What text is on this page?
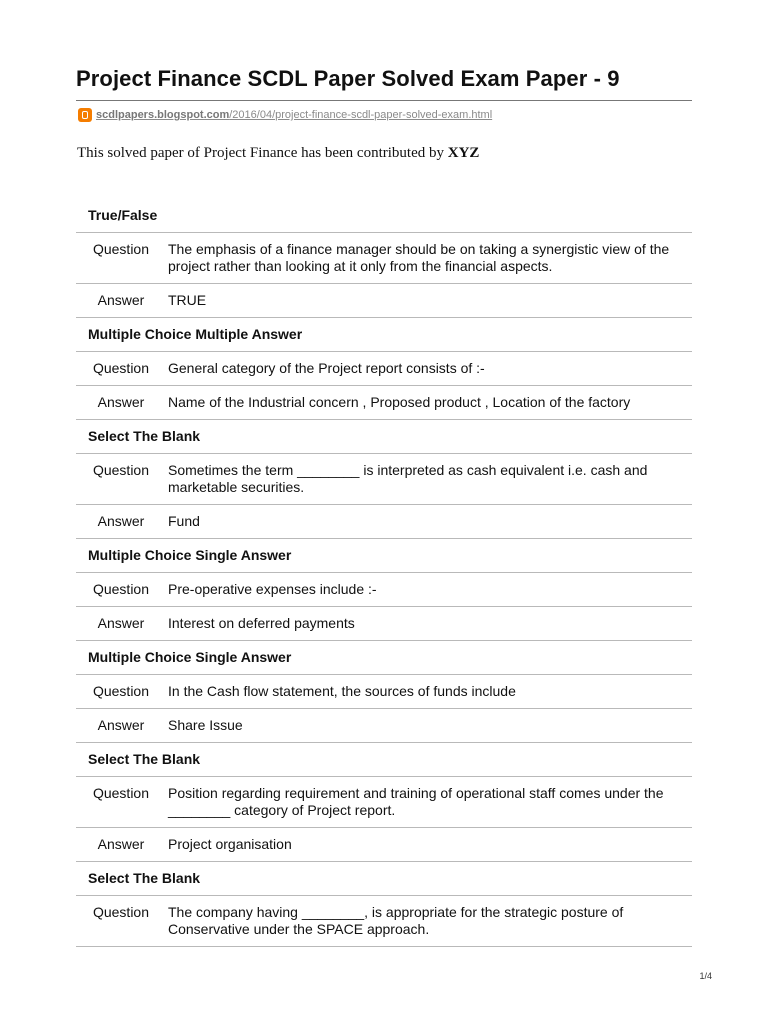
Project Finance SCDL Paper Solved Exam Paper - 9
scdlpapers.blogspot.com/2016/04/project-finance-scdl-paper-solved-exam.html
This solved paper of Project Finance has been contributed by XYZ
True/False	
Question	The emphasis of a finance manager should be on taking a synergistic view of the project rather than looking at it only from the financial aspects.
Answer	TRUE
Multiple Choice Multiple Answer	
Question	General category of the Project report consists of :-
Answer	Name of the Industrial concern , Proposed product , Location of the factory
Select The Blank	
Question	Sometimes the term ________ is interpreted as cash equivalent i.e. cash and marketable securities.
Answer	Fund
Multiple Choice Single Answer	
Question	Pre-operative expenses include :-
Answer	Interest on deferred payments
Multiple Choice Single Answer	
Question	In the Cash flow statement, the sources of funds include
Answer	Share Issue
Select The Blank	
Question	Position regarding requirement and training of operational staff comes under the ________ category of Project report.
Answer	Project organisation
Select The Blank	
Question	The company having ________, is appropriate for the strategic posture of Conservative under the SPACE approach.
1/4
